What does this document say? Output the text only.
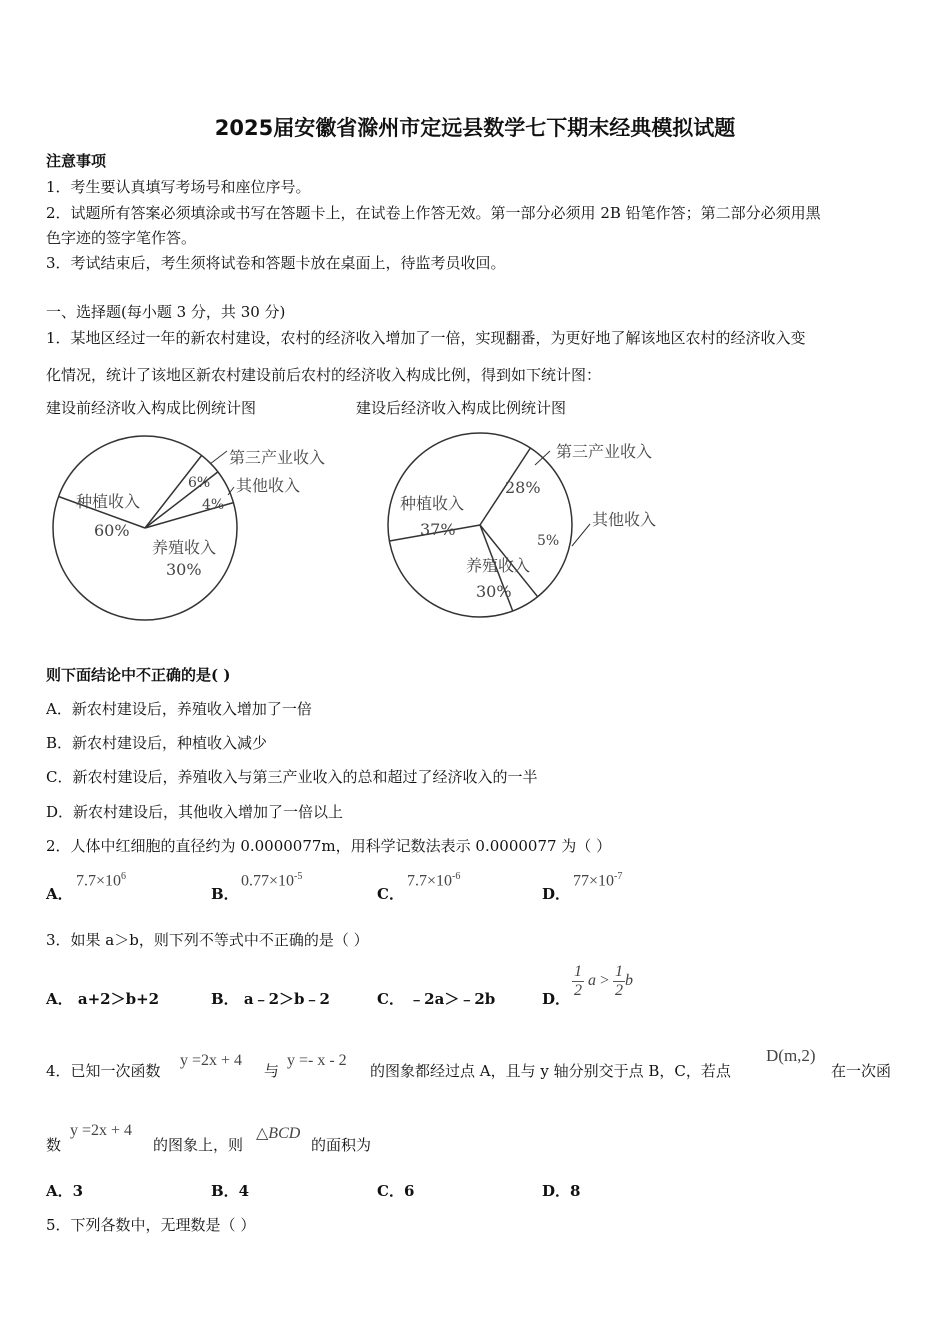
2025届安徽省滁州市定远县数学七下期末经典模拟试题
注意事项
1．考生要认真填写考场号和座位序号。
2．试题所有答案必须填涂或书写在答题卡上，在试卷上作答无效。第一部分必须用 2B 铅笔作答；第二部分必须用黑
色字迹的签字笔作答。
3．考试结束后，考生须将试卷和答题卡放在桌面上，待监考员收回。
一、选择题(每小题 3 分，共 30 分)
1．某地区经过一年的新农村建设，农村的经济收入增加了一倍，实现翻番，为更好地了解该地区农村的经济收入变
化情况，统计了该地区新农村建设前后农村的经济收入构成比例，得到如下统计图：
建设前经济收入构成比例统计图	建设后经济收入构成比例统计图
第三产业收入
其他收入
种植收入
60%
养殖收入
30%
6%
4%
第三产业收入
其他收入
种植收入
37%
28%
5%
养殖收入
30%
则下面结论中不正确的是( )
A．新农村建设后，养殖收入增加了一倍
B．新农村建设后，种植收入减少
C．新农村建设后，养殖收入与第三产业收入的总和超过了经济收入的一半
D．新农村建设后，其他收入增加了一倍以上
2．人体中红细胞的直径约为 0.0000077m，用科学记数法表示 0.0000077 为（ ）
A．
$7.7\times 10^6$
B．
$0.77\times 10^{-5}$
C．
$7.7\times 10^{-6}$
D．
$77\times 10^{-7}$
3．如果 a＞b，则下列不等式中不正确的是（ ）
A． a+2＞b+2	B． a﹣2＞b﹣2	C． ﹣2a＞﹣2b	D． $\frac{1}{2}$ $a > \frac{1}{2}$ b
4．已知一次函数
y =2x + 4
与
y =- x - 2
的图象都经过点 A，且与 y 轴分别交于点 B，C，若点
D(m,2)
在一次函
数
y =2x + 4
的图象上，则
△BCD
的面积为
A．3	B．4	C．6	D．8
5．下列各数中，无理数是（ ）
